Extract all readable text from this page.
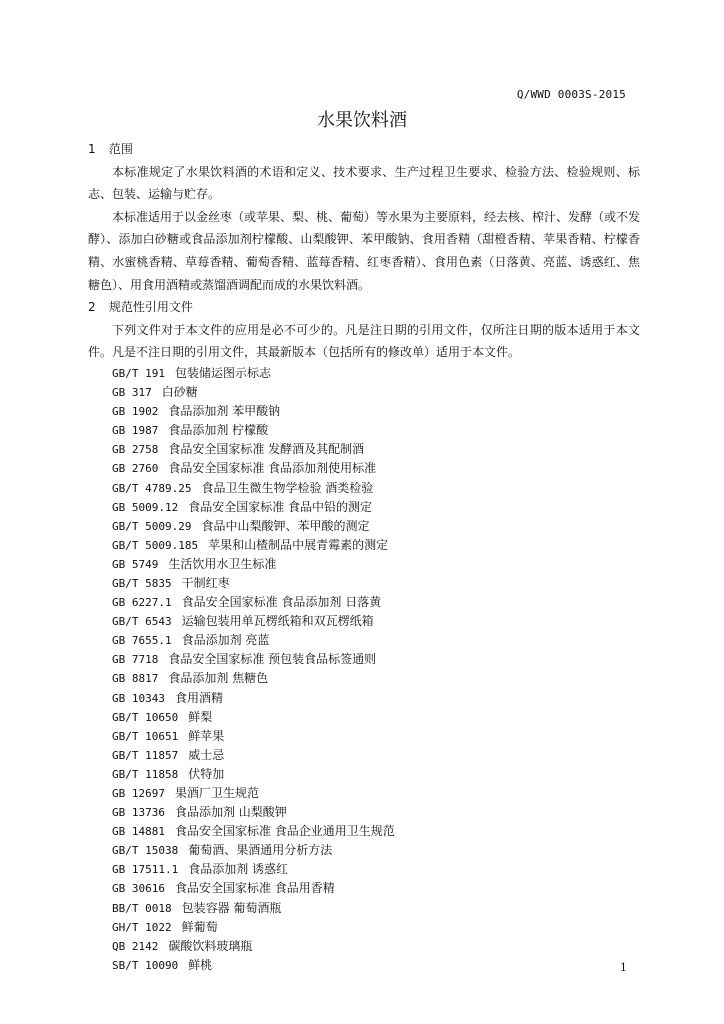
Q/WWD 0003S-2015
水果饮料酒
1 范围

本标准规定了水果饮料酒的术语和定义、技术要求、生产过程卫生要求、检验方法、检验规则、标志、包装、运输与贮存。

本标准适用于以金丝枣（或苹果、梨、桃、葡萄）等水果为主要原料，经去核、榨汁、发酵（或不发酵）、添加白砂糖或食品添加剂柠檬酸、山梨酸钾、苯甲酸钠、食用香精（甜橙香精、苹果香精、柠檬香精、水蜜桃香精、草莓香精、葡萄香精、蓝莓香精、红枣香精）、食用色素（日落黄、亮蓝、诱惑红、焦糖色）、用食用酒精或蒸馏酒调配而成的水果饮料酒。

2 规范性引用文件

下列文件对于本文件的应用是必不可少的。凡是注日期的引用文件，仅所注日期的版本适用于本文件。凡是不注日期的引用文件，其最新版本（包括所有的修改单）适用于本文件。

GB/T 191 包装储运图示标志
GB 317 白砂糖
GB 1902 食品添加剂 苯甲酸钠
GB 1987 食品添加剂 柠檬酸
GB 2758 食品安全国家标准 发酵酒及其配制酒
GB 2760 食品安全国家标准 食品添加剂使用标准
GB/T 4789.25 食品卫生微生物学检验 酒类检验
GB 5009.12 食品安全国家标准 食品中铅的测定
GB/T 5009.29 食品中山梨酸钾、苯甲酸的测定
GB/T 5009.185 苹果和山楂制品中展青霉素的测定
GB 5749 生活饮用水卫生标准
GB/T 5835 干制红枣
GB 6227.1 食品安全国家标准 食品添加剂 日落黄
GB/T 6543 运输包装用单瓦楞纸箱和双瓦楞纸箱
GB 7655.1 食品添加剂 亮蓝
GB 7718 食品安全国家标准 预包装食品标签通则
GB 8817 食品添加剂 焦糖色
GB 10343 食用酒精
GB/T 10650 鲜梨
GB/T 10651 鲜苹果
GB/T 11857 威士忌
GB/T 11858 伏特加
GB 12697 果酒厂卫生规范
GB 13736 食品添加剂 山梨酸钾
GB 14881 食品安全国家标准 食品企业通用卫生规范
GB/T 15038 葡萄酒、果酒通用分析方法
GB 17511.1 食品添加剂 诱惑红
GB 30616 食品安全国家标准 食品用香精
BB/T 0018 包装容器 葡萄酒瓶
GH/T 1022 鲜葡萄
QB 2142 碳酸饮料玻璃瓶
SB/T 10090 鲜桃	1
